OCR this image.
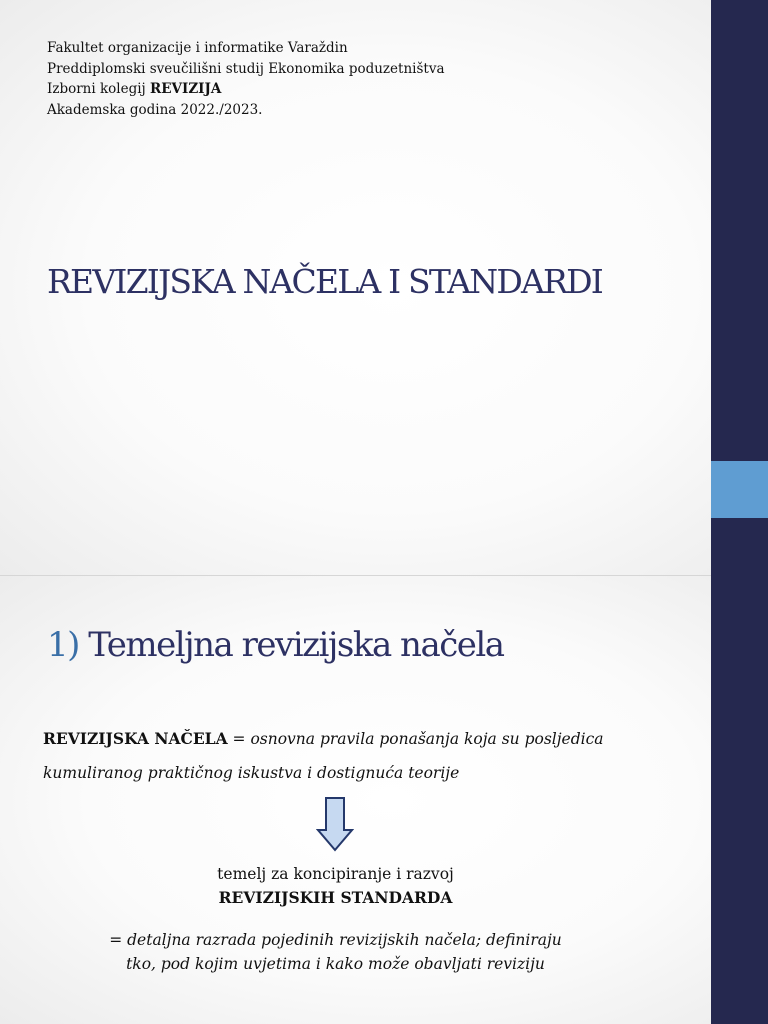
Fakultet organizacije i informatike Varaždin
Preddiplomski sveučilišni studij Ekonomika poduzetništva
Izborni kolegij REVIZIJA
Akademska godina 2022./2023.
REVIZIJSKA NAČELA I STANDARDI
1) Temeljna revizijska načela
REVIZIJSKA NAČELA = osnovna pravila ponašanja koja su posljedica kumuliranog praktičnog iskustva i dostignuća teorije
temelj za koncipiranje i razvoj
REVIZIJSKIH STANDARDA
= detaljna razrada pojedinih revizijskih načela; definiraju
tko, pod kojim uvjetima i kako može obavljati reviziju
